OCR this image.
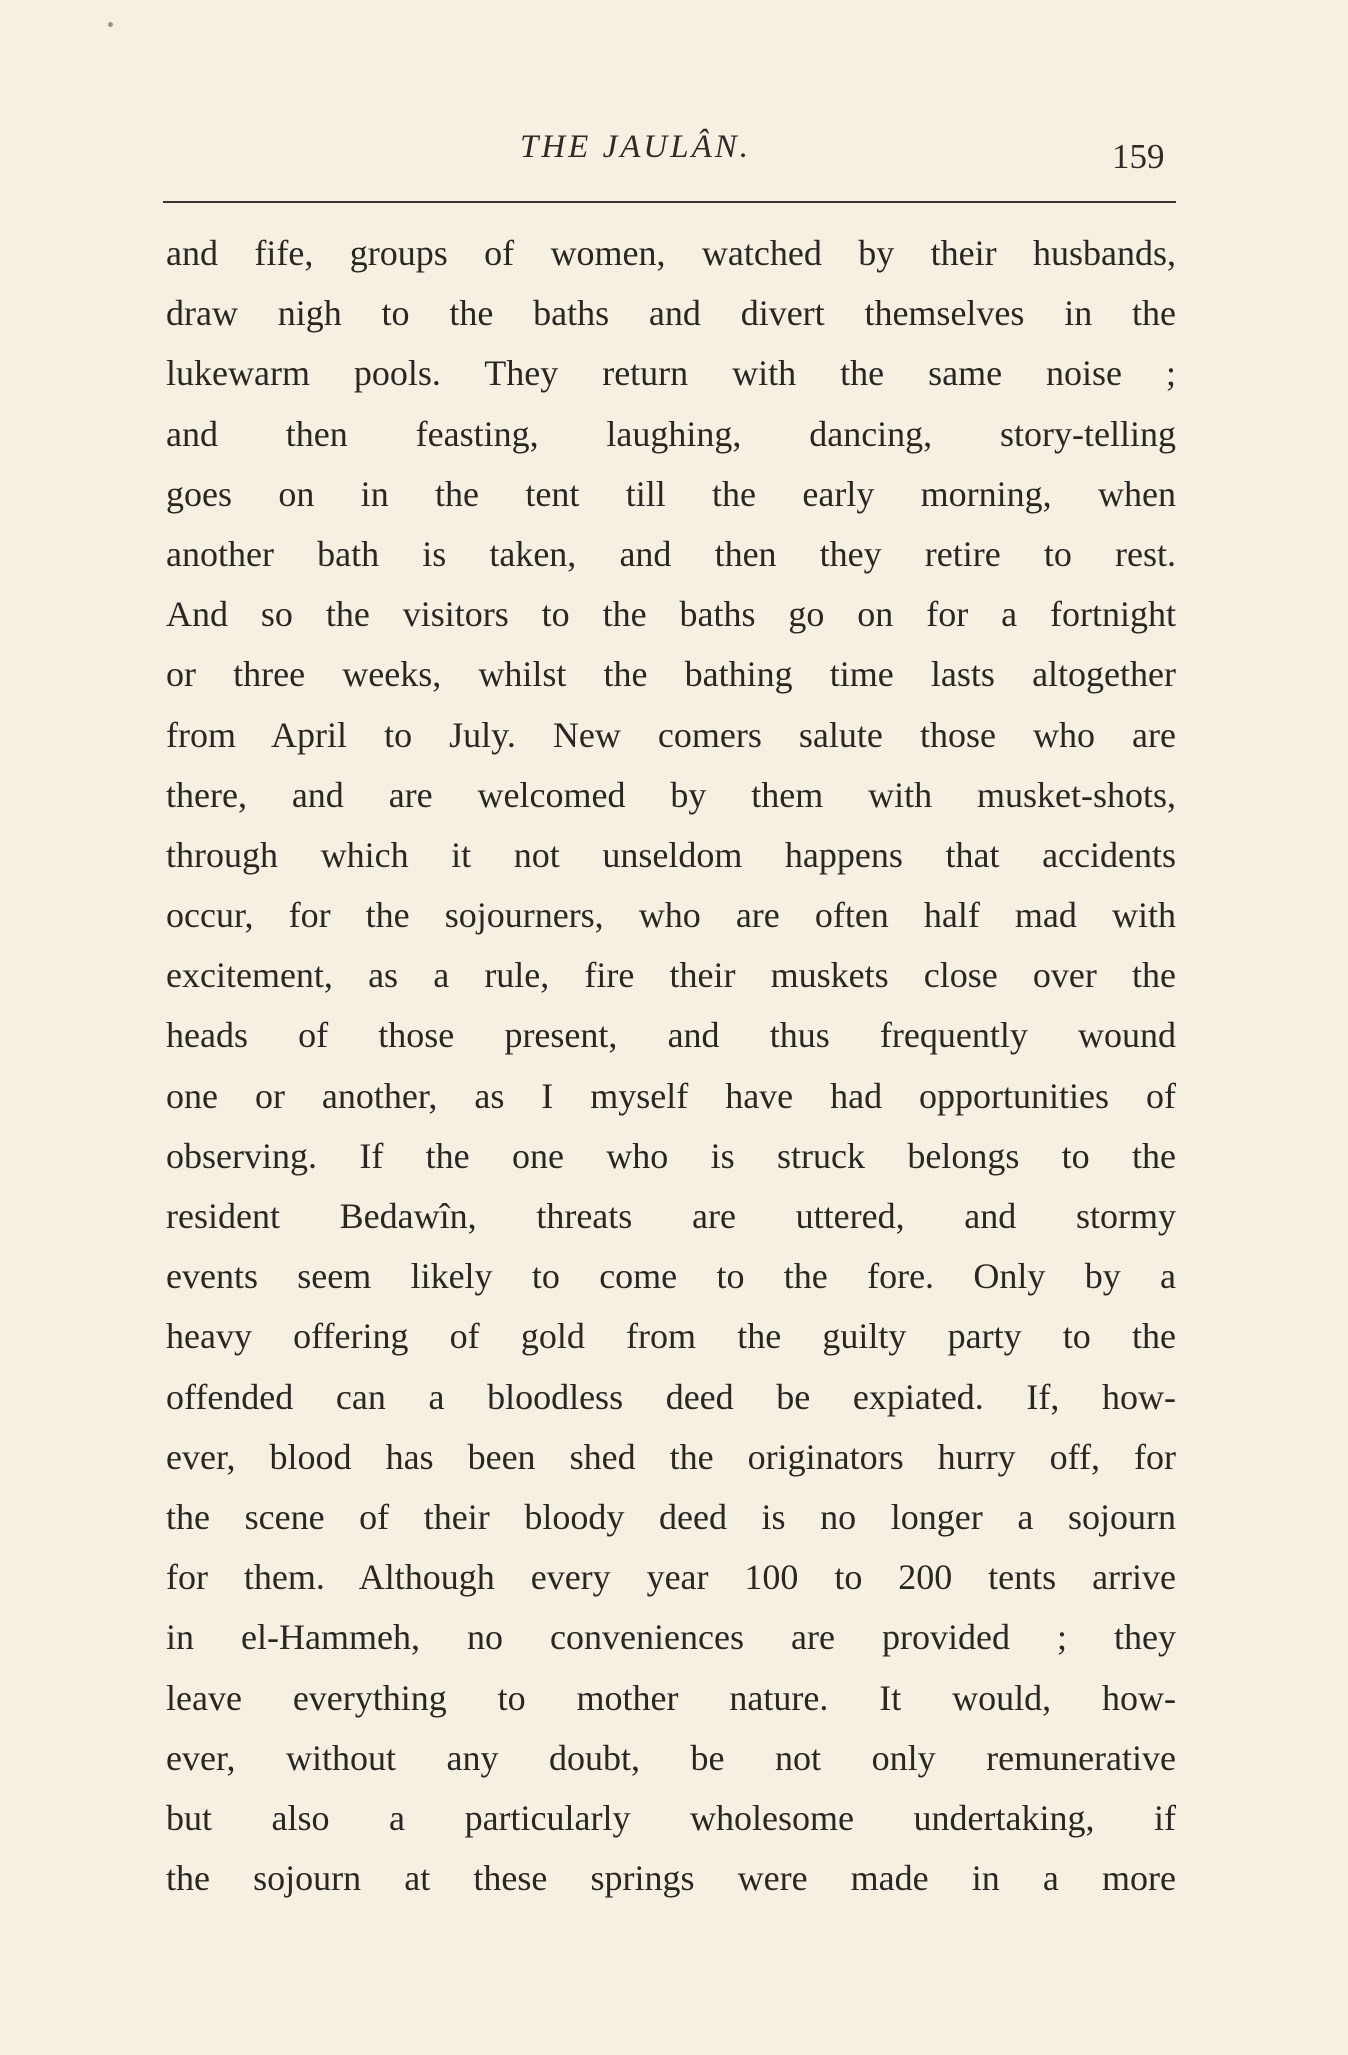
THE JAULÂN.	159
and fife, groups of women, watched by their husbands,
draw nigh to the baths and divert themselves in the
lukewarm pools. They return with the same noise ;
and then feasting, laughing, dancing, story-telling
goes on in the tent till the early morning, when
another bath is taken, and then they retire to rest.
And so the visitors to the baths go on for a fortnight
or three weeks, whilst the bathing time lasts altogether
from April to July. New comers salute those who are
there, and are welcomed by them with musket-shots,
through which it not unseldom happens that accidents
occur, for the sojourners, who are often half mad with
excitement, as a rule, fire their muskets close over the
heads of those present, and thus frequently wound
one or another, as I myself have had opportunities of
observing. If the one who is struck belongs to the
resident Bedawîn, threats are uttered, and stormy
events seem likely to come to the fore. Only by a
heavy offering of gold from the guilty party to the
offended can a bloodless deed be expiated. If, how-
ever, blood has been shed the originators hurry off, for
the scene of their bloody deed is no longer a sojourn
for them. Although every year 100 to 200 tents arrive
in el-Hammeh, no conveniences are provided ; they
leave everything to mother nature. It would, how-
ever, without any doubt, be not only remunerative
but also a particularly wholesome undertaking, if
the sojourn at these springs were made in a more
